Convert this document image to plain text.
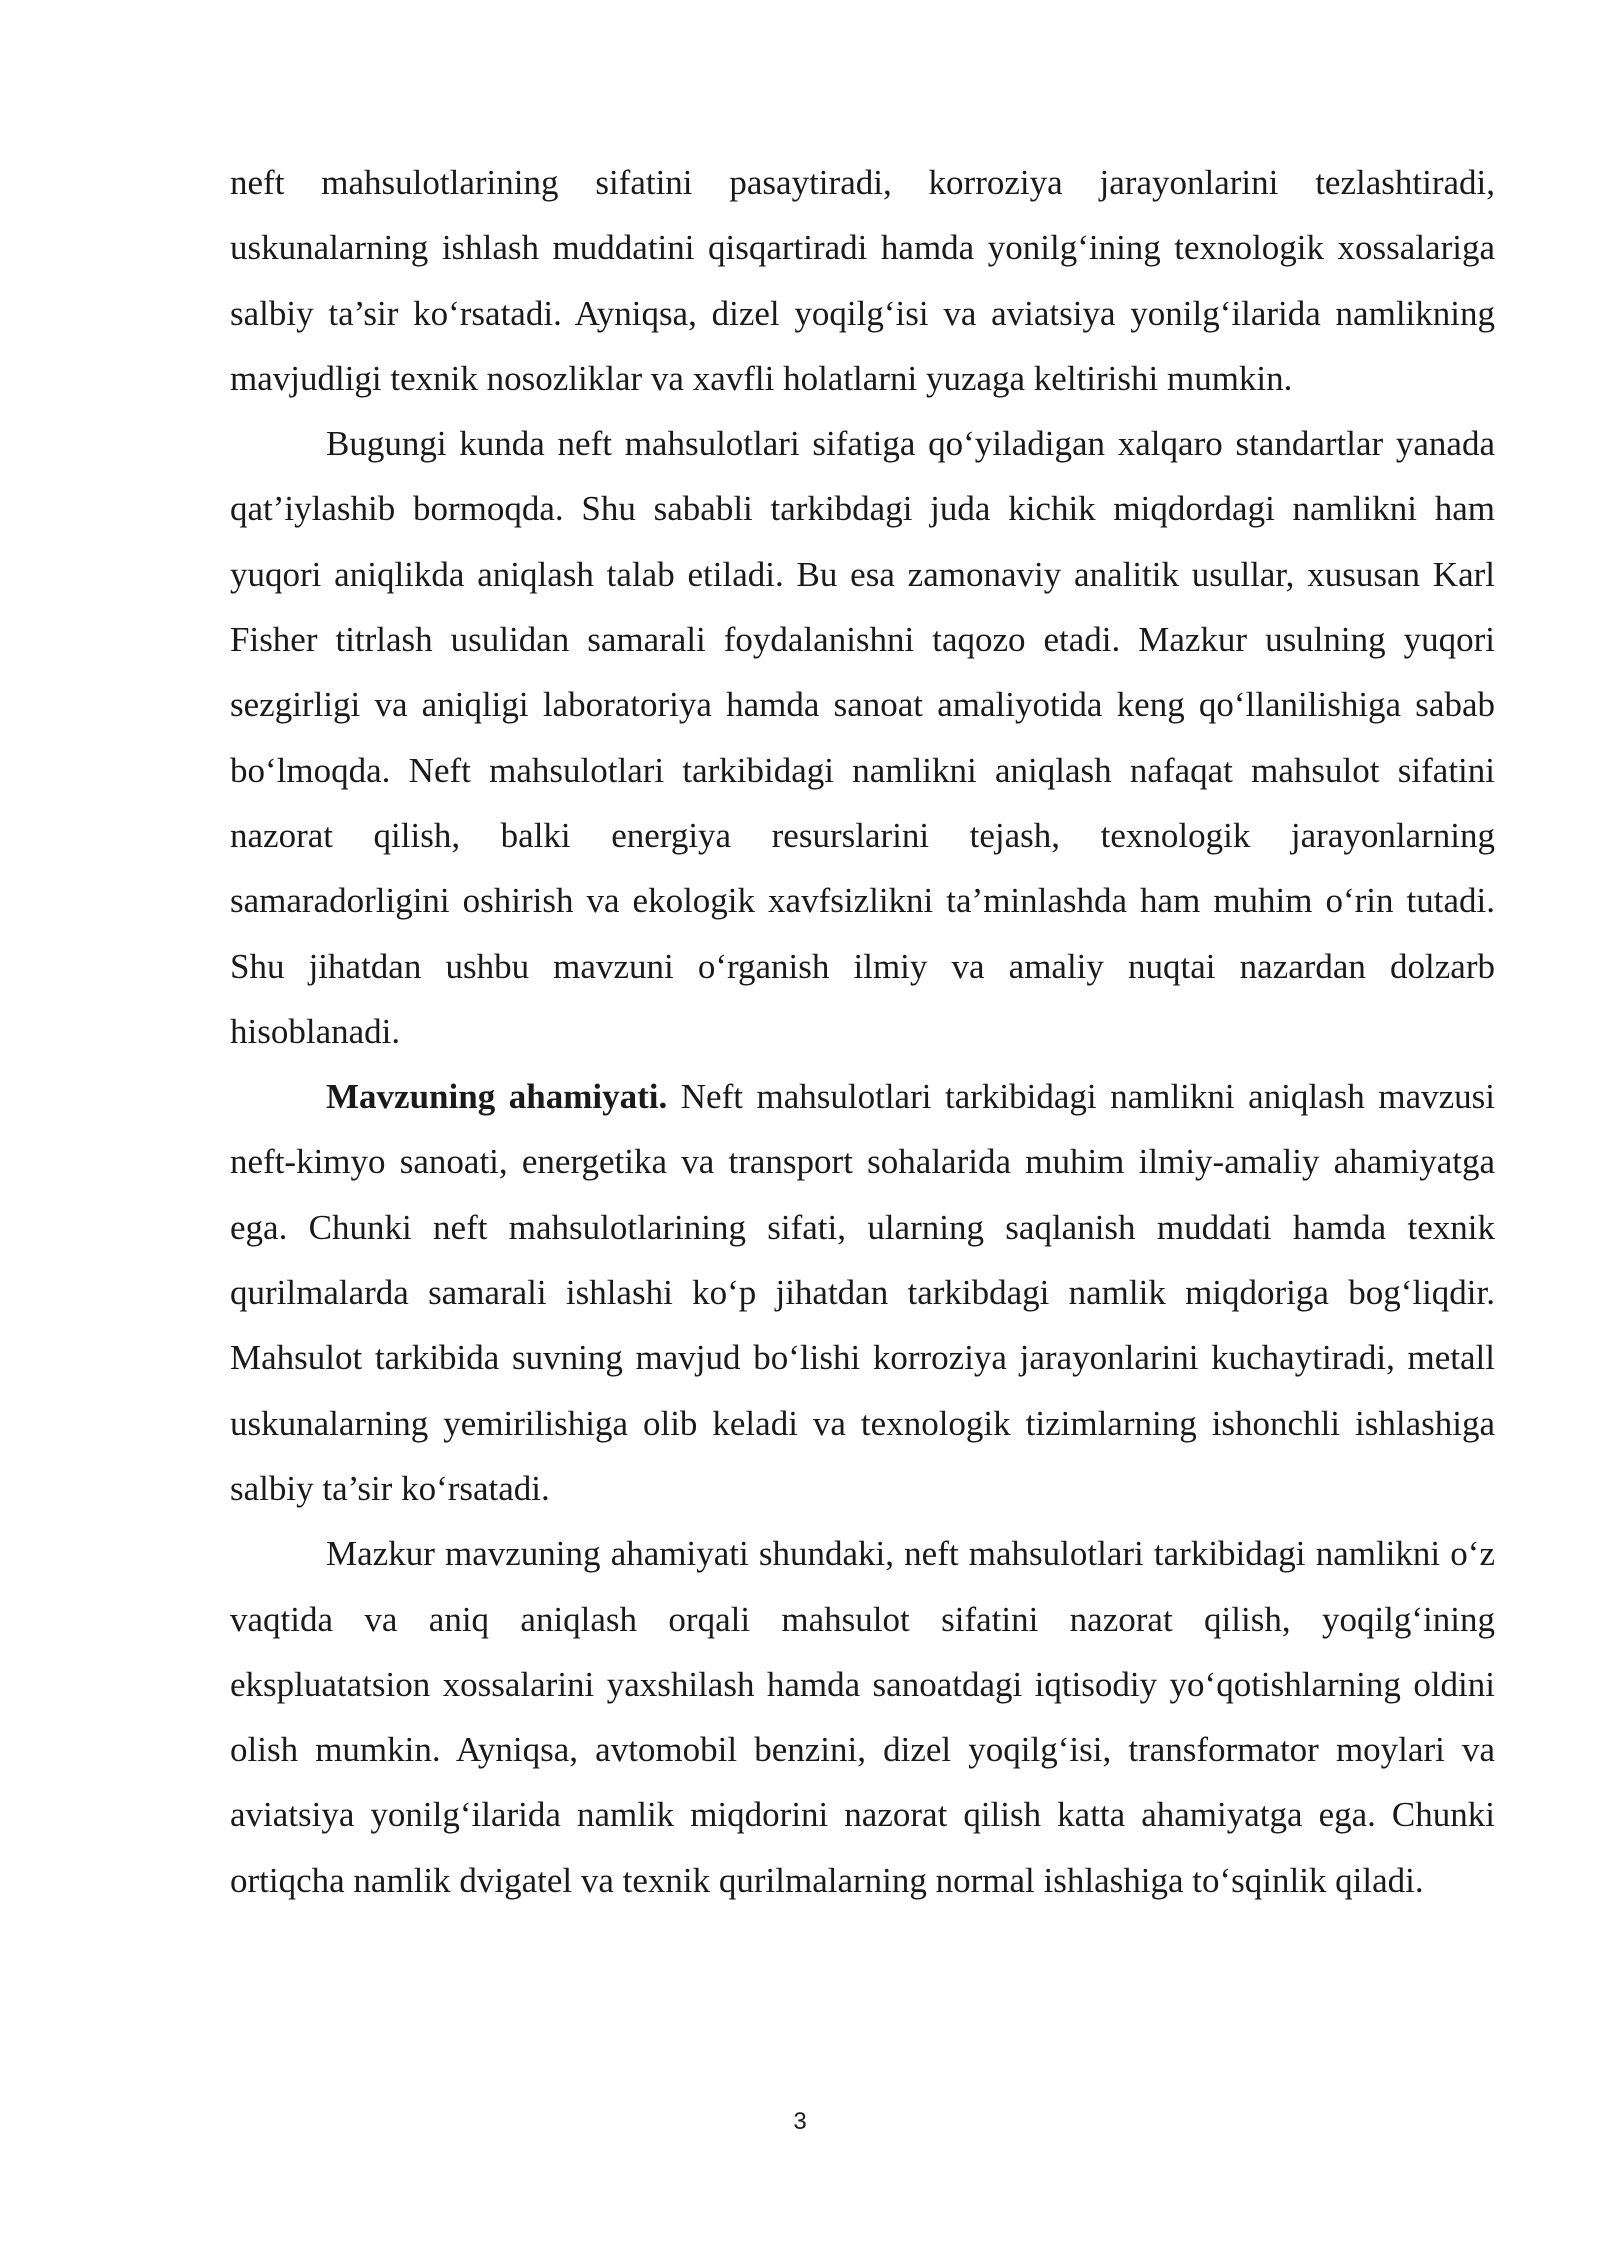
neft mahsulotlarining sifatini pasaytiradi, korroziya jarayonlarini tezlashtiradi, uskunalarning ishlash muddatini qisqartiradi hamda yonilg‘ining texnologik xossalariga salbiy ta’sir ko‘rsatadi. Ayniqsa, dizel yoqilg‘isi va aviatsiya yonilg‘ilarida namlikning mavjudligi texnik nosozliklar va xavfli holatlarni yuzaga keltirishi mumkin.

Bugungi kunda neft mahsulotlari sifatiga qo‘yiladigan xalqaro standartlar yanada qat’iylashib bormoqda. Shu sababli tarkibdagi juda kichik miqdordagi namlikni ham yuqori aniqlikda aniqlash talab etiladi. Bu esa zamonaviy analitik usullar, xususan Karl Fisher titrlash usulidan samarali foydalanishni taqozo etadi. Mazkur usulning yuqori sezgirligi va aniqligi laboratoriya hamda sanoat amaliyotida keng qo‘llanilishiga sabab bo‘lmoqda. Neft mahsulotlari tarkibidagi namlikni aniqlash nafaqat mahsulot sifatini nazorat qilish, balki energiya resurslarini tejash, texnologik jarayonlarning samaradorligini oshirish va ekologik xavfsizlikni ta’minlashda ham muhim o‘rin tutadi. Shu jihatdan ushbu mavzuni o‘rganish ilmiy va amaliy nuqtai nazardan dolzarb hisoblanadi.

Mavzuning ahamiyati. Neft mahsulotlari tarkibidagi namlikni aniqlash mavzusi neft-kimyo sanoati, energetika va transport sohalarida muhim ilmiy-amaliy ahamiyatga ega. Chunki neft mahsulotlarining sifati, ularning saqlanish muddati hamda texnik qurilmalarda samarali ishlashi ko‘p jihatdan tarkibdagi namlik miqdoriga bog‘liqdir. Mahsulot tarkibida suvning mavjud bo‘lishi korroziya jarayonlarini kuchaytiradi, metall uskunalarning yemirilishiga olib keladi va texnologik tizimlarning ishonchli ishlashiga salbiy ta’sir ko‘rsatadi.

Mazkur mavzuning ahamiyati shundaki, neft mahsulotlari tarkibidagi namlikni o‘z vaqtida va aniq aniqlash orqali mahsulot sifatini nazorat qilish, yoqilg‘ining ekspluatatsion xossalarini yaxshilash hamda sanoatdagi iqtisodiy yo‘qotishlarning oldini olish mumkin. Ayniqsa, avtomobil benzini, dizel yoqilg‘isi, transformator moylari va aviatsiya yonilg‘ilarida namlik miqdorini nazorat qilish katta ahamiyatga ega. Chunki ortiqcha namlik dvigatel va texnik qurilmalarning normal ishlashiga to‘sqinlik qiladi.

3
